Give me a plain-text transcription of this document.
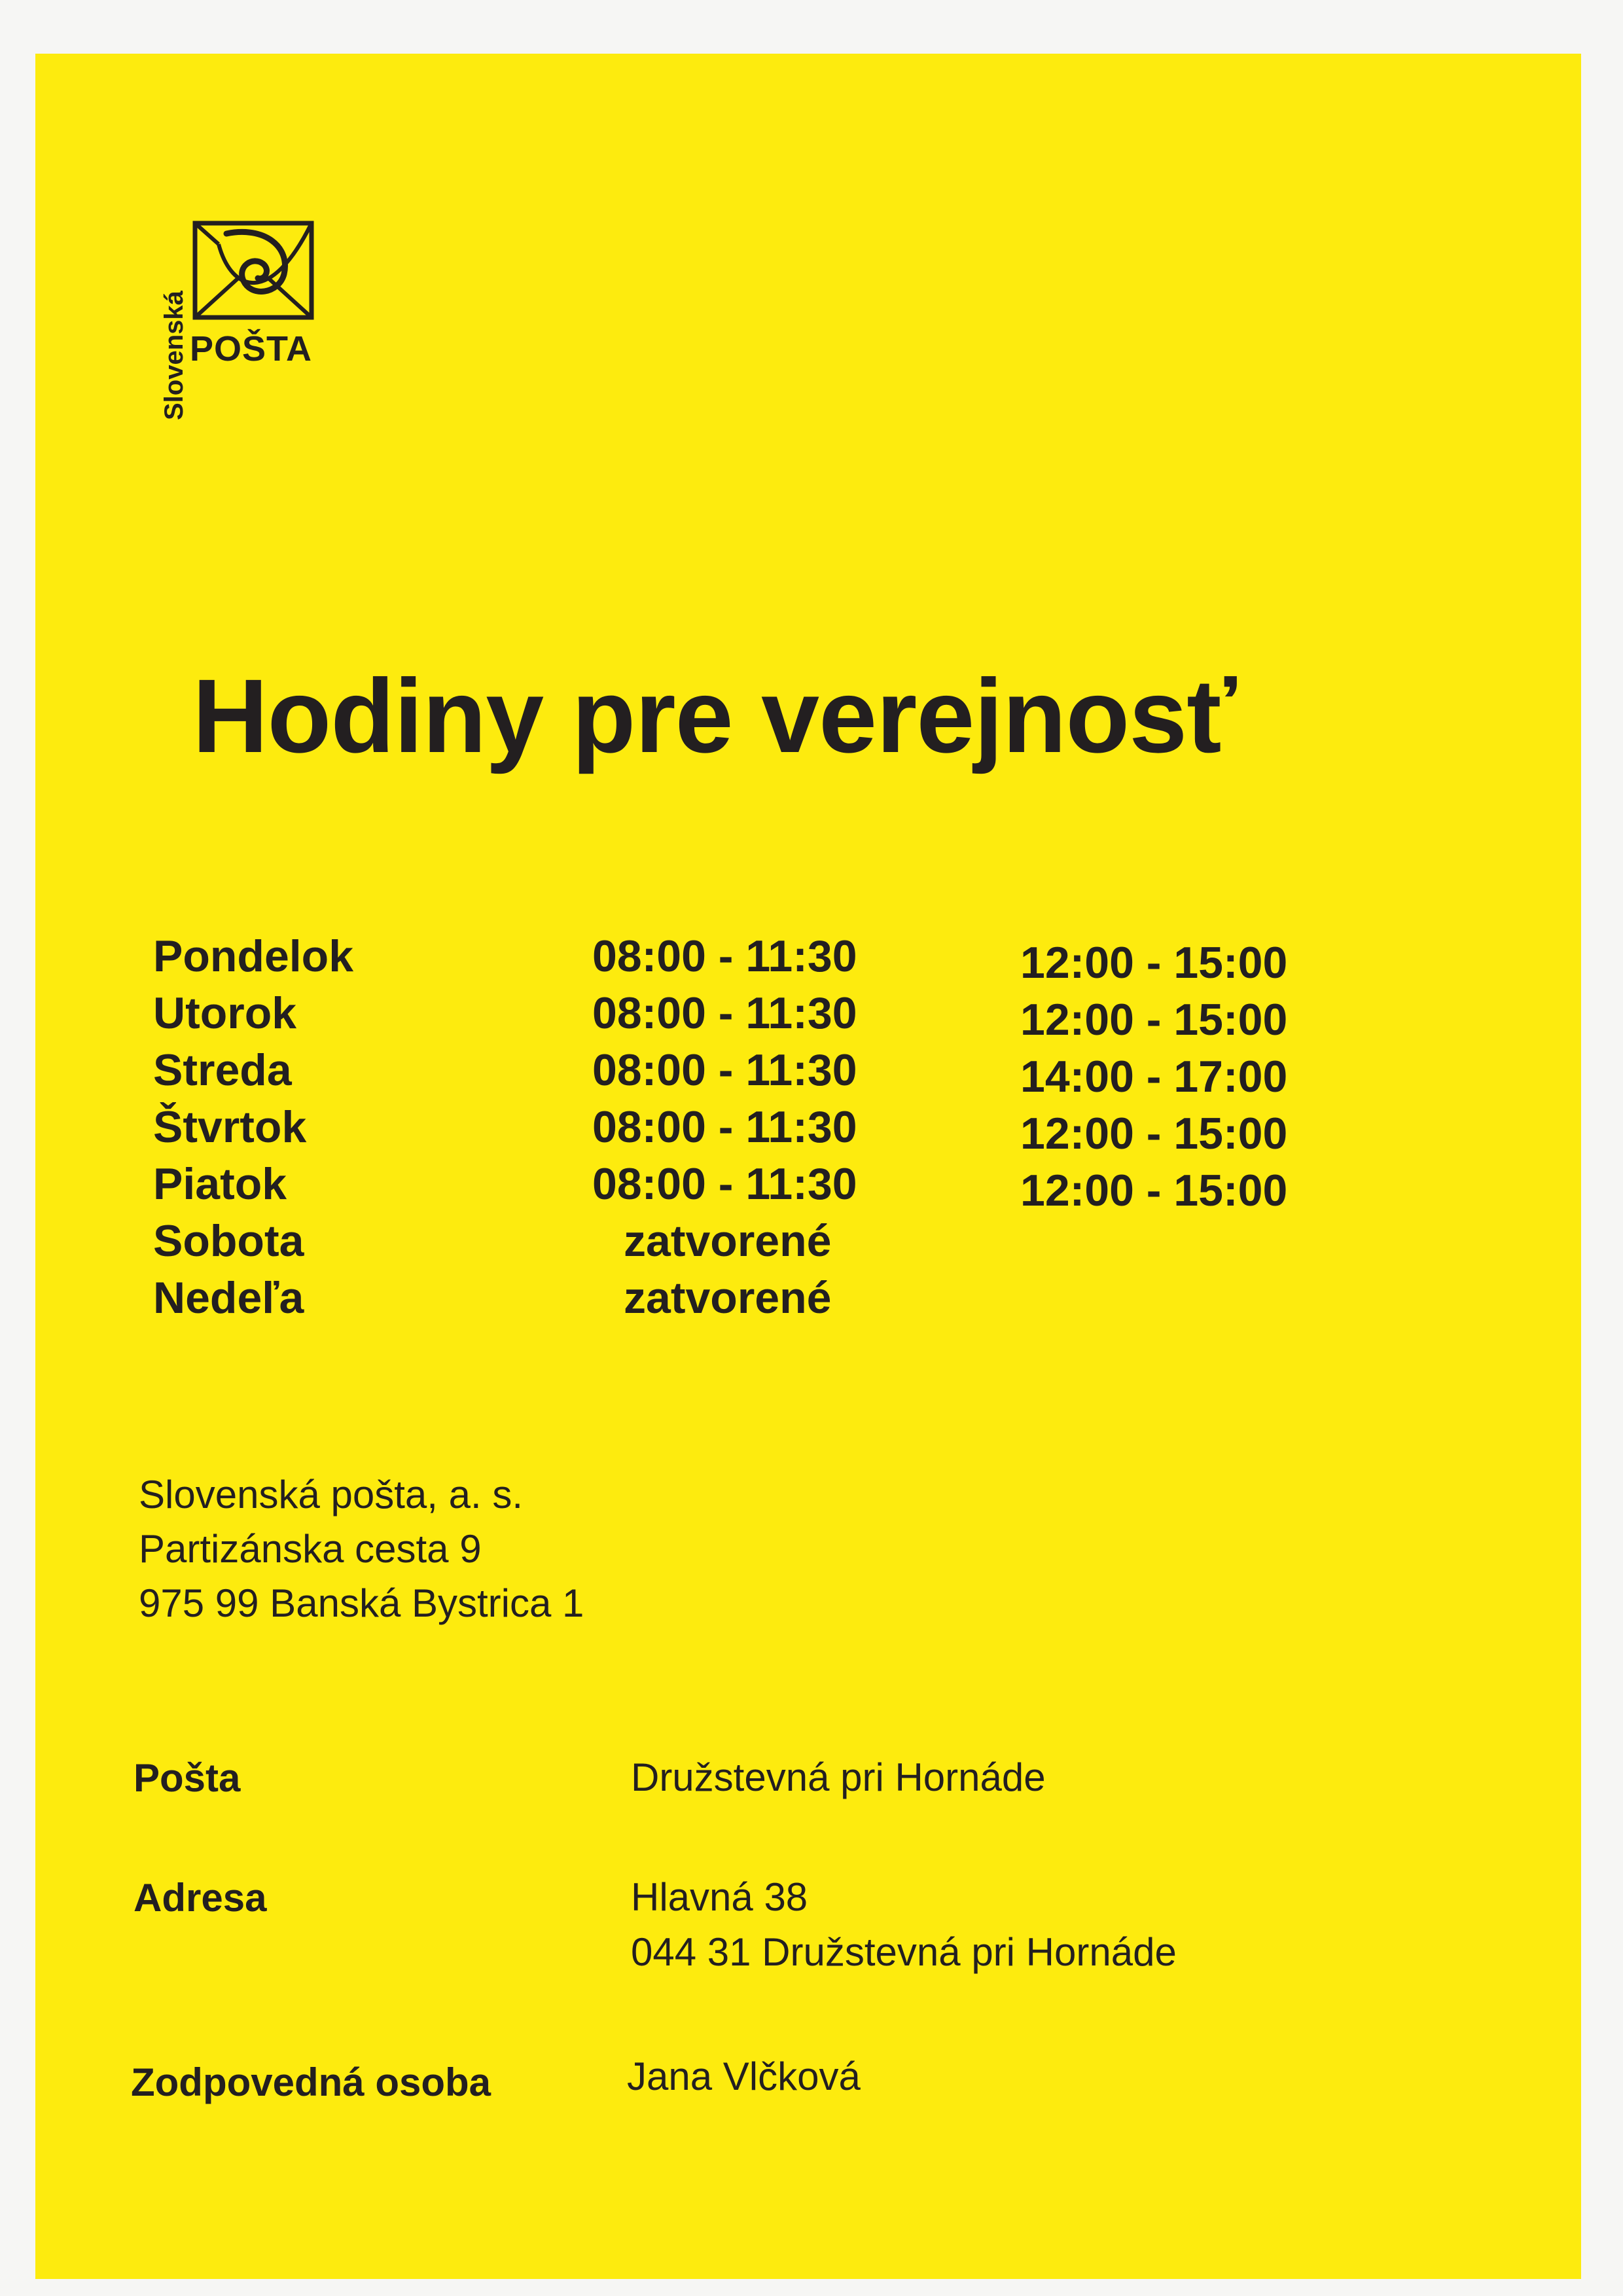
Slovenská POŠTA
Hodiny pre verejnosť
Pondelok	08:00 - 11:30	12:00 - 15:00
Utorok	08:00 - 11:30	12:00 - 15:00
Streda	08:00 - 11:30	14:00 - 17:00
Štvrtok	08:00 - 11:30	12:00 - 15:00
Piatok	08:00 - 11:30	12:00 - 15:00
Sobota	zatvorené
Nedeľa	zatvorené
Slovenská pošta, a. s.
Partizánska cesta 9
975 99 Banská Bystrica 1
Pošta	Družstevná pri Hornáde
Adresa	Hlavná 38
044 31 Družstevná pri Hornáde
Zodpovedná osoba	Jana Vlčková
